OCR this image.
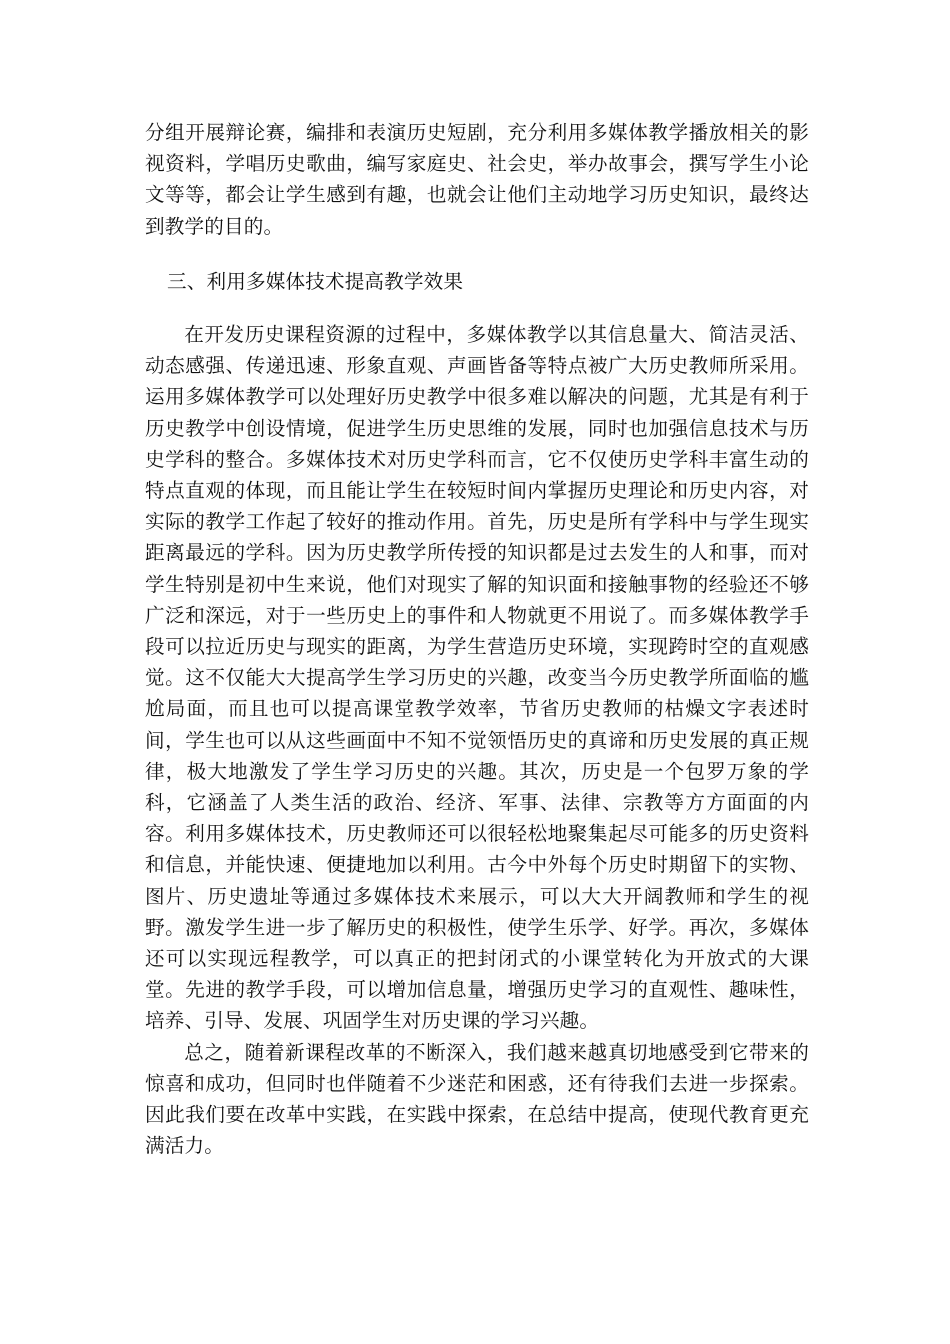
分组开展辩论赛，编排和表演历史短剧，充分利用多媒体教学播放相关的影视资料，学唱历史歌曲，编写家庭史、社会史，举办故事会，撰写学生小论文等等，都会让学生感到有趣，也就会让他们主动地学习历史知识，最终达到教学的目的。

三、利用多媒体技术提高教学效果

在开发历史课程资源的过程中，多媒体教学以其信息量大、简洁灵活、动态感强、传递迅速、形象直观、声画皆备等特点被广大历史教师所采用。运用多媒体教学可以处理好历史教学中很多难以解决的问题，尤其是有利于历史教学中创设情境，促进学生历史思维的发展，同时也加强信息技术与历史学科的整合。多媒体技术对历史学科而言，它不仅使历史学科丰富生动的特点直观的体现，而且能让学生在较短时间内掌握历史理论和历史内容，对实际的教学工作起了较好的推动作用。首先，历史是所有学科中与学生现实距离最远的学科。因为历史教学所传授的知识都是过去发生的人和事，而对学生特别是初中生来说，他们对现实了解的知识面和接触事物的经验还不够广泛和深远，对于一些历史上的事件和人物就更不用说了。而多媒体教学手段可以拉近历史与现实的距离，为学生营造历史环境，实现跨时空的直观感觉。这不仅能大大提高学生学习历史的兴趣，改变当今历史教学所面临的尴尬局面，而且也可以提高课堂教学效率，节省历史教师的枯燥文字表述时间，学生也可以从这些画面中不知不觉领悟历史的真谛和历史发展的真正规律，极大地激发了学生学习历史的兴趣。其次，历史是一个包罗万象的学科，它涵盖了人类生活的政治、经济、军事、法律、宗教等方方面面的内容。利用多媒体技术，历史教师还可以很轻松地聚集起尽可能多的历史资料和信息，并能快速、便捷地加以利用。古今中外每个历史时期留下的实物、图片、历史遗址等通过多媒体技术来展示，可以大大开阔教师和学生的视野。激发学生进一步了解历史的积极性，使学生乐学、好学。再次，多媒体还可以实现远程教学，可以真正的把封闭式的小课堂转化为开放式的大课堂。先进的教学手段，可以增加信息量，增强历史学习的直观性、趣味性，培养、引导、发展、巩固学生对历史课的学习兴趣。

总之，随着新课程改革的不断深入，我们越来越真切地感受到它带来的惊喜和成功，但同时也伴随着不少迷茫和困惑，还有待我们去进一步探索。因此我们要在改革中实践，在实践中探索，在总结中提高，使现代教育更充满活力。
